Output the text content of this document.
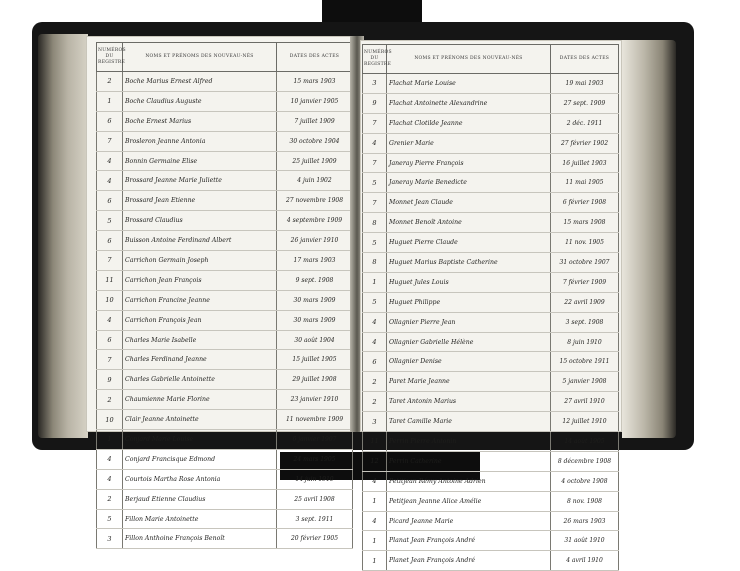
NUMÉROS
DU
REGISTRE	NOMS ET PRÉNOMS DES NOUVEAU-NÉS	DATES DES ACTES
2	Boche Marius Ernest Alfred	15 mars 1903
1	Boche Claudius Auguste	10 janvier 1905
6	Boche Ernest Marius	7 juillet 1909
7	Brosleron Jeanne Antonia	30 octobre 1904
4	Bonnin Germaine Elise	25 juillet 1909
4	Brossard Jeanne Marie Juliette	4 juin 1902
6	Brossard Jean Etienne	27 novembre 1908
5	Brossard Claudius	4 septembre 1909
6	Buisson Antoine Ferdinand Albert	26 janvier 1910
7	Carrichon Germain Joseph	17 mars 1903
11	Carrichon Jean François	9 sept. 1908
10	Carrichon Francine Jeanne	30 mars 1909
4	Carrichon François Jean	30 mars 1909
6	Charles Marie Isabelle	30 août 1904
7	Charles Ferdinand Jeanne	15 juillet 1905
9	Charles Gabrielle Antoinette	29 juillet 1908
2	Chaumienne Marie Florine	23 janvier 1910
10	Clair Jeanne Antoinette	11 novembre 1909
1	Conjard Marie Louise	6 janvier 1907
4	Conjard Francisque Edmond	24 mars 1905
4	Courtois Martha Rose Antonia	14 juin 1910
2	Berjaud Etienne Claudius	25 avril 1908
5	Fillon Marie Antoinette	3 sept. 1911
3	Fillon Anthoine François Benoît	20 février 1905
NUMÉROS
DU
REGISTRE	NOMS ET PRÉNOMS DES NOUVEAU-NÉS	DATES DES ACTES
3	Flachat Marie Louise	19 mai 1903
9	Flachat Antoinette Alexandrine	27 sept. 1909
7	Flachat Clotilde Jeanne	2 déc. 1911
4	Grenier Marie	27 février 1902
7	Janeray Pierre François	16 juillet 1903
5	Janeray Marie Benedicte	11 mai 1905
7	Monnet Jean Claude	6 février 1908
8	Monnet Benoît Antoine	15 mars 1908
5	Huguet Pierre Claude	11 nov. 1905
8	Huguet Marius Baptiste Catherine	31 octobre 1907
1	Huguet Jules Louis	7 février 1909
5	Huguet Philippe	22 avril 1909
4	Ollagnier Pierre Jean	3 sept. 1908
4	Ollagnier Gabrielle Hélène	8 juin 1910
6	Ollagnier Denise	15 octobre 1911
2	Paret Marie Jeanne	5 janvier 1908
2	Taret Antonin Marius	27 avril 1910
3	Taret Camille Marie	12 juillet 1910
11	Perrin Pierre Antonin	14 août 1905
12	Perrin Catherine	8 décembre 1908
4	Petitjean Rémy Antoine Adrien	4 octobre 1908
1	Petitjean Jeanne Alice Amélie	8 nov. 1908
4	Picard Jeanne Marie	26 mars 1903
1	Planat Jean François André	31 août 1910
1	Planet Jean François André	4 avril 1910
